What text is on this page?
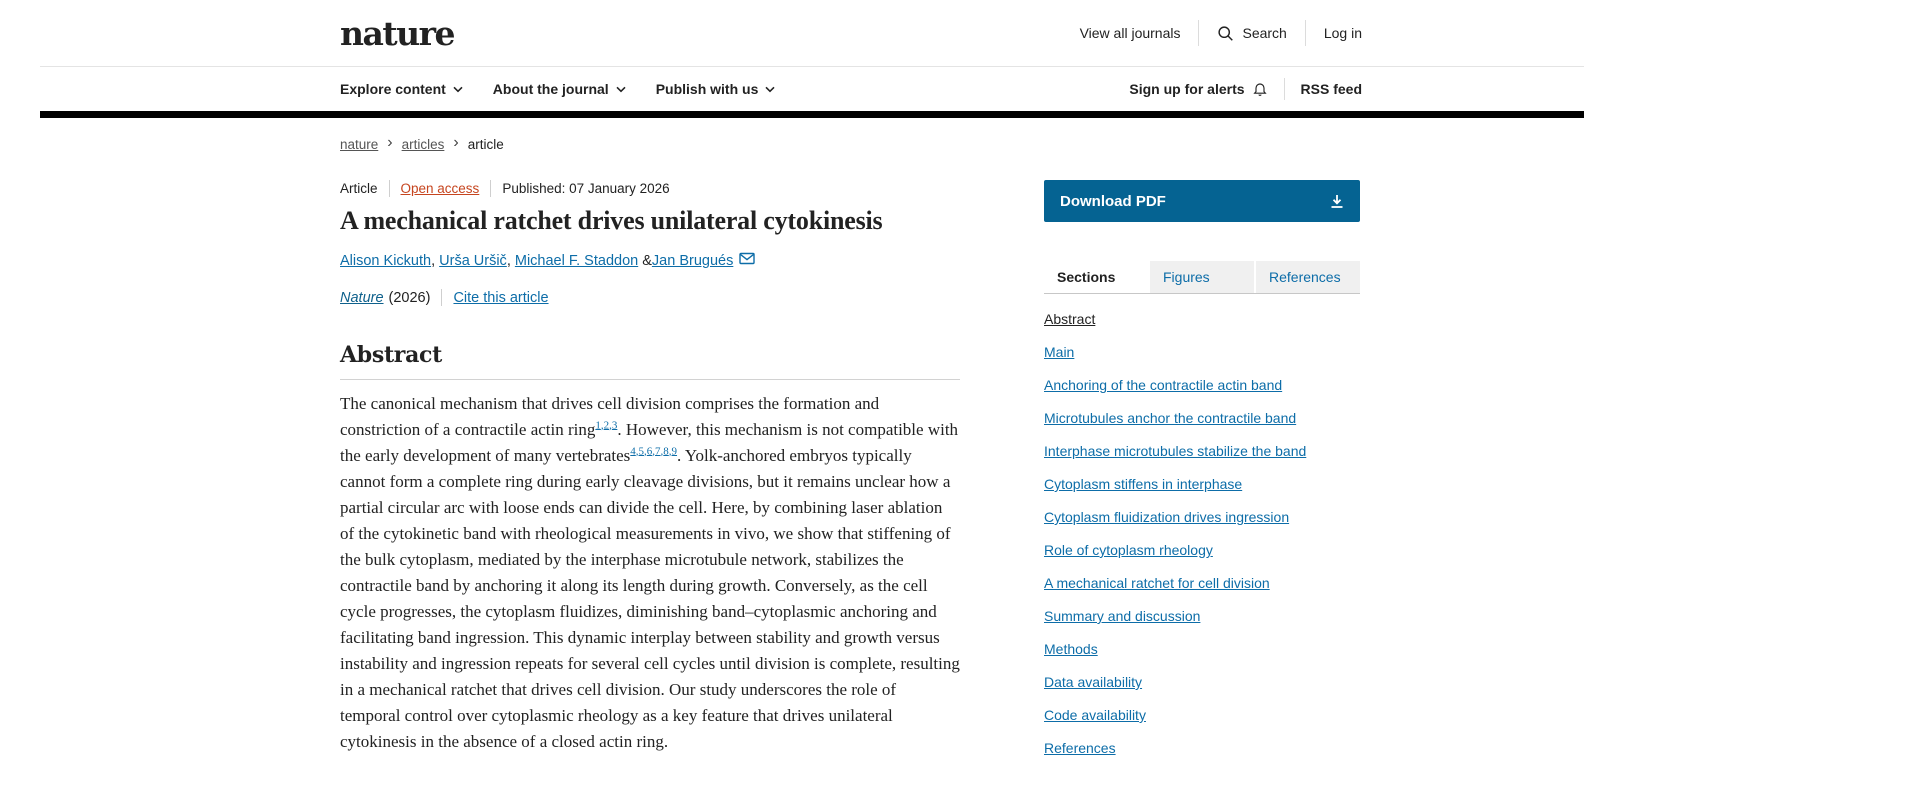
nature	View all journals	Search	Log in
Explore content	About the journal	Publish with us	Sign up for alerts	RSS feed
nature › articles › article
Article Open access Published: 07 January 2026
A mechanical ratchet drives unilateral cytokinesis
Alison Kickuth , Urša Uršič , Michael F. Staddon & Jan Brugués
Nature (2026) Cite this article
Abstract

The canonical mechanism that drives cell division comprises the formation and constriction of a contractile actin ring$^{1,2,3}$. However, this mechanism is not compatible with the early development of many vertebrates$^{4,5,6,7,8,9}$. Yolk-anchored embryos typically cannot form a complete ring during early cleavage divisions, but it remains unclear how a partial circular arc with loose ends can divide the cell. Here, by combining laser ablation of the cytokinetic band with rheological measurements in vivo, we show that stiffening of the bulk cytoplasm, mediated by the interphase microtubule network, stabilizes the contractile band by anchoring it along its length during growth. Conversely, as the cell cycle progresses, the cytoplasm fluidizes, diminishing band–cytoplasmic anchoring and facilitating band ingression. This dynamic interplay between stability and growth versus instability and ingression repeats for several cell cycles until division is complete, resulting in a mechanical ratchet that drives cell division. Our study underscores the role of temporal control over cytoplasmic rheology as a key feature that drives unilateral cytokinesis in the absence of a closed actin ring.

Download PDF
Sections	Figures	References
Abstract
Main
Anchoring of the contractile actin band
Microtubules anchor the contractile band
Interphase microtubules stabilize the band
Cytoplasm stiffens in interphase
Cytoplasm fluidization drives ingression
Role of cytoplasm rheology
A mechanical ratchet for cell division
Summary and discussion
Methods
Data availability
Code availability
References
